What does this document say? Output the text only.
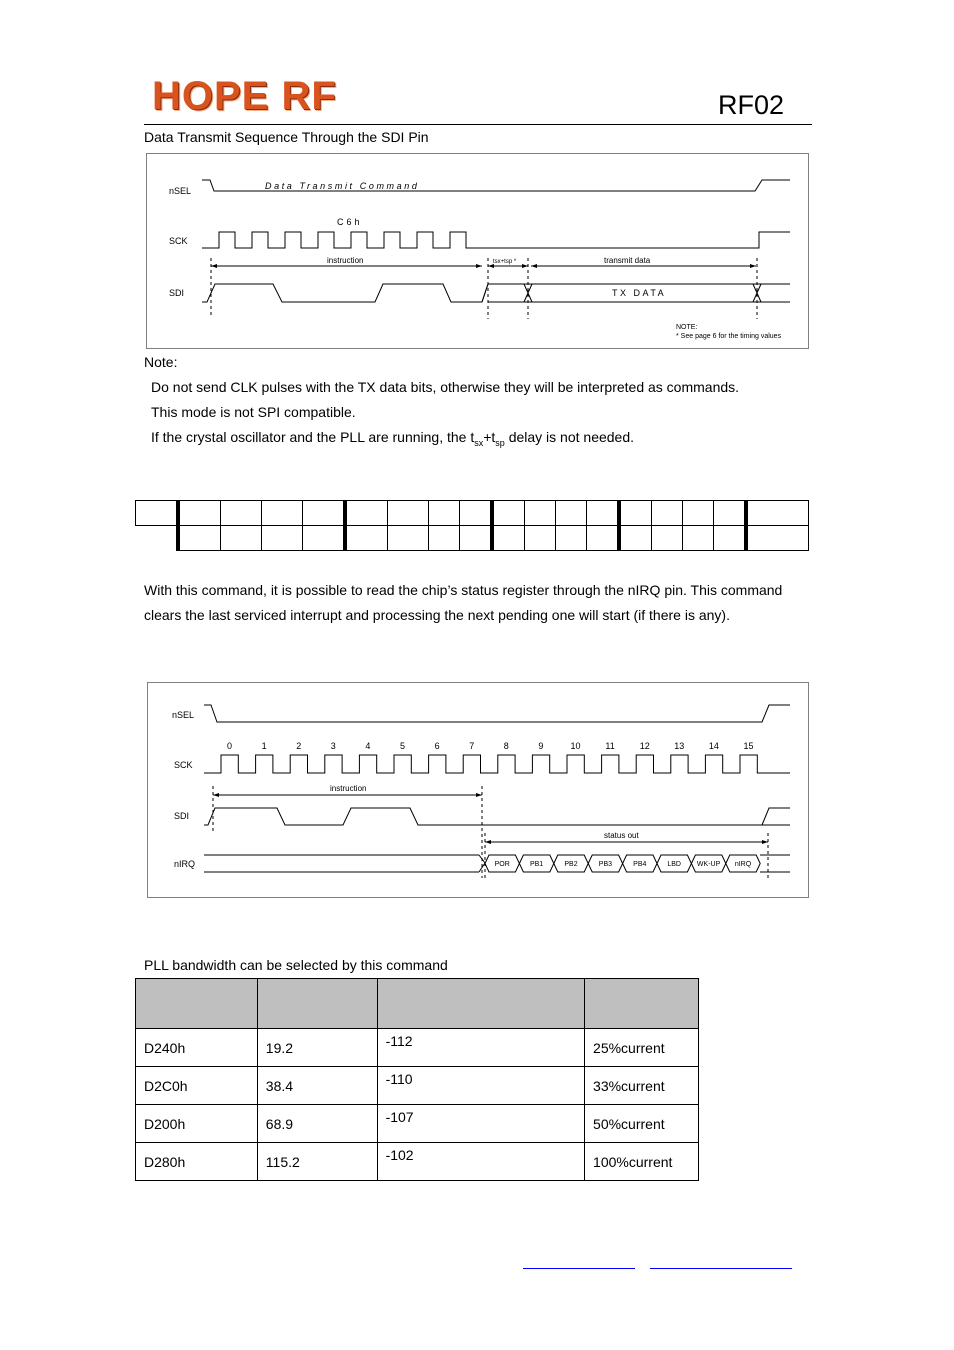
HOPE RF	RF02
Data Transmit Sequence Through the SDI Pin
nSEL
SCK
SDI
Data Transmit Command
C6h
instruction	tsx+tsp *	transmit data
TX DATA
NOTE:
* See page 6 for the timing values
Note:
Do not send CLK pulses with the TX data bits, otherwise they will be interpreted as commands.
This mode is not SPI compatible.
If the crystal oscillator and the PLL are running, the $t_{sx}+t_{sp}$ delay is not needed.

With this command, it is possible to read the chip’s status register through the nIRQ pin. This command
clears the last serviced interrupt and processing the next pending one will start (if there is any).
nSEL
SCK
SDI
nIRQ
instruction
status out
0	1	2	3	4	5	6	7	8	9	10	11	12	13	14	15
POR	PB1	PB2	PB3	PB4	LBD WK-UP nIRQ
PLL bandwidth can be selected by this command

D240h	19.2	-112	25%current
D2C0h	38.4	-110	33%current
D200h	68.9	-107	50%current
D280h	115.2	-102	100%current
